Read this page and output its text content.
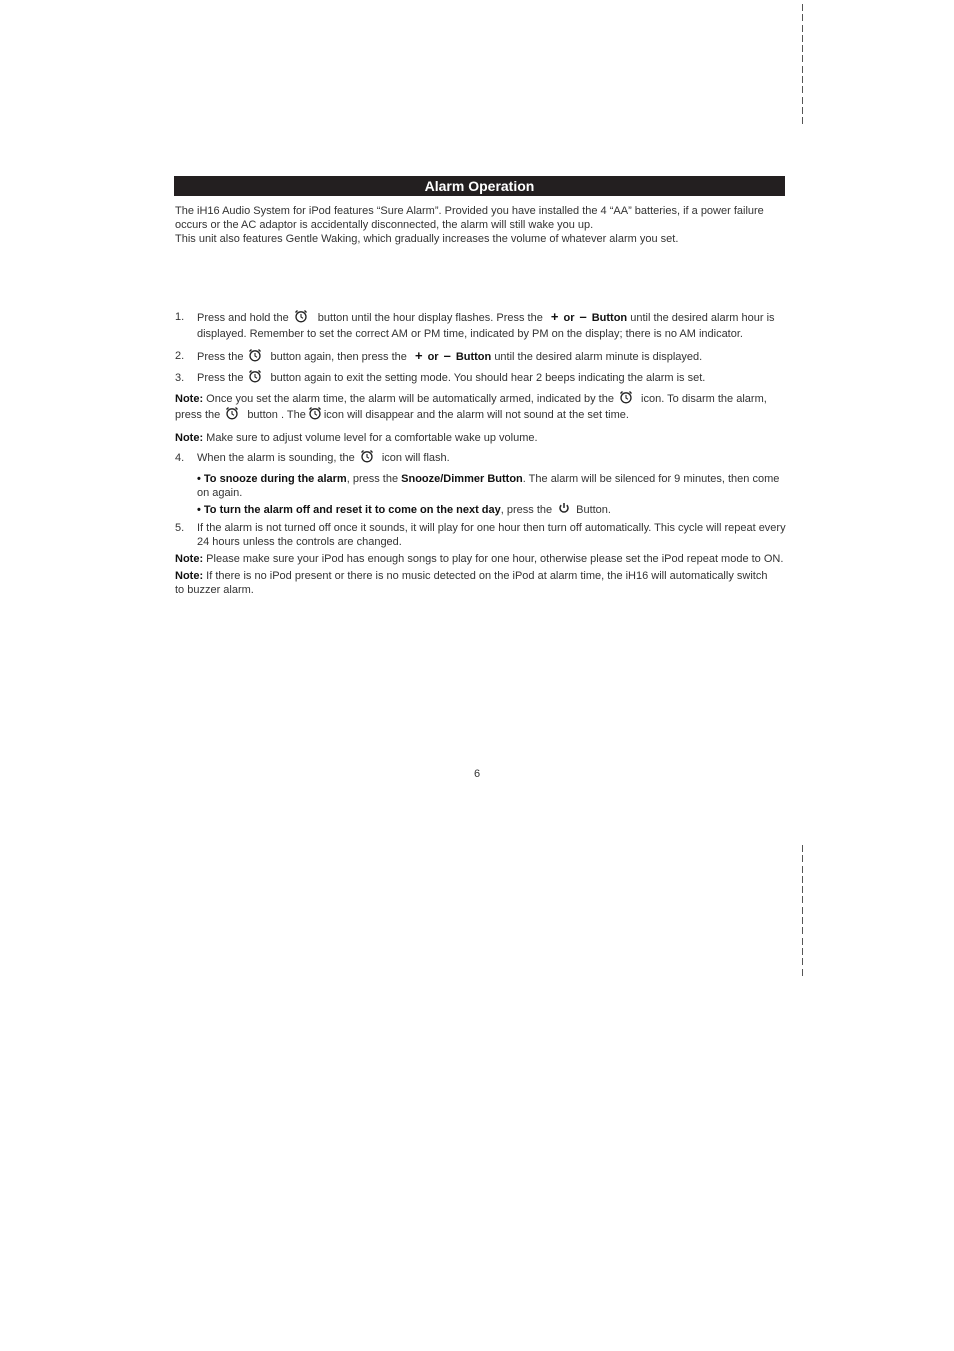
Alarm Operation
The iH16 Audio System for iPod features “Sure Alarm”. Provided you have installed the 4 “AA” batteries, if a power failure
occurs or the AC adaptor is accidentally disconnected, the alarm will still wake you up.
This unit also features Gentle Waking, which gradually increases the volume of whatever alarm you set.
1. Press and hold the	button until the hour display flashes. Press the + or – Button until the desired alarm hour is
displayed. Remember to set the correct AM or PM time, indicated by PM on the display; there is no AM indicator.
2. Press the button again, then press the + or – Button until the desired alarm minute is displayed.
3. Press the button again to exit the setting mode. You should hear 2 beeps indicating the alarm is set.
Note: Once you set the alarm time, the alarm will be automatically armed, indicated by the icon. To disarm the alarm,
press the button . The icon will disappear and the alarm will not sound at the set time.
Note: Make sure to adjust volume level for a comfortable wake up volume.
4. When the alarm is sounding, the icon will flash.
• To snooze during the alarm, press the Snooze/Dimmer Button. The alarm will be silenced for 9 minutes, then come
on again.
• To turn the alarm off and reset it to come on the next day, press the Button.
5. If the alarm is not turned off once it sounds, it will play for one hour then turn off automatically. This cycle will repeat every
24 hours unless the controls are changed.
Note: Please make sure your iPod has enough songs to play for one hour, otherwise please set the iPod repeat mode to ON.
Note: If there is no iPod present or there is no music detected on the iPod at alarm time, the iH16 will automatically switch
to buzzer alarm.
6
